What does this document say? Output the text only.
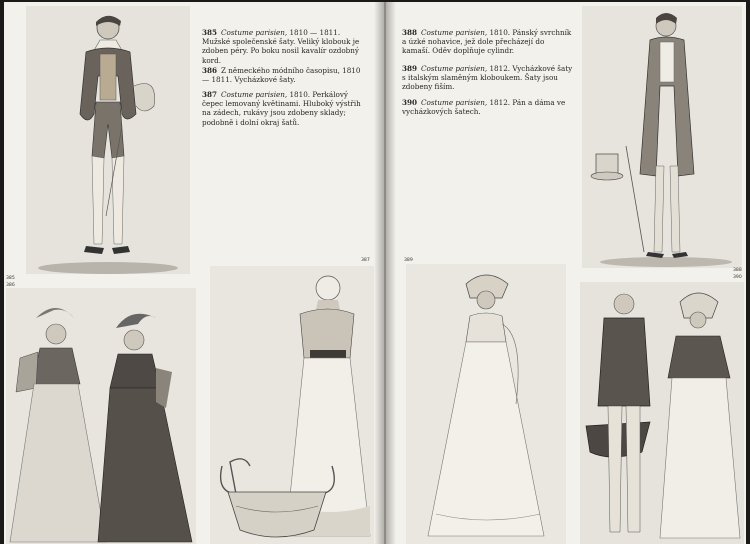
385
386
385 Costume parisien, 1810 — 1811. Mužské společenské šaty. Veliký klobouk je zdoben péry. Po boku nosil kavalír ozdobný kord.
386 Z německého módního časopisu, 1810 — 1811. Vycházkové šaty.
387 Costume parisien, 1810. Perkálový čepec lemovaný květinami. Hluboký výstřih na zádech, rukávy jsou zdobeny sklady; podobně i dolní okraj šatů.
387
388 Costume parisien, 1810. Pánský svrchník a úzké nohavice, jež dole přecházejí do kamaší. Oděv doplňuje cylindr.
389 Costume parisien, 1812. Vycházkové šaty s italským slaměným kloboukem. Šaty jsou zdobeny fiším.
390 Costume parisien, 1812. Pán a dáma ve vycházkových šatech.
388
390
389
